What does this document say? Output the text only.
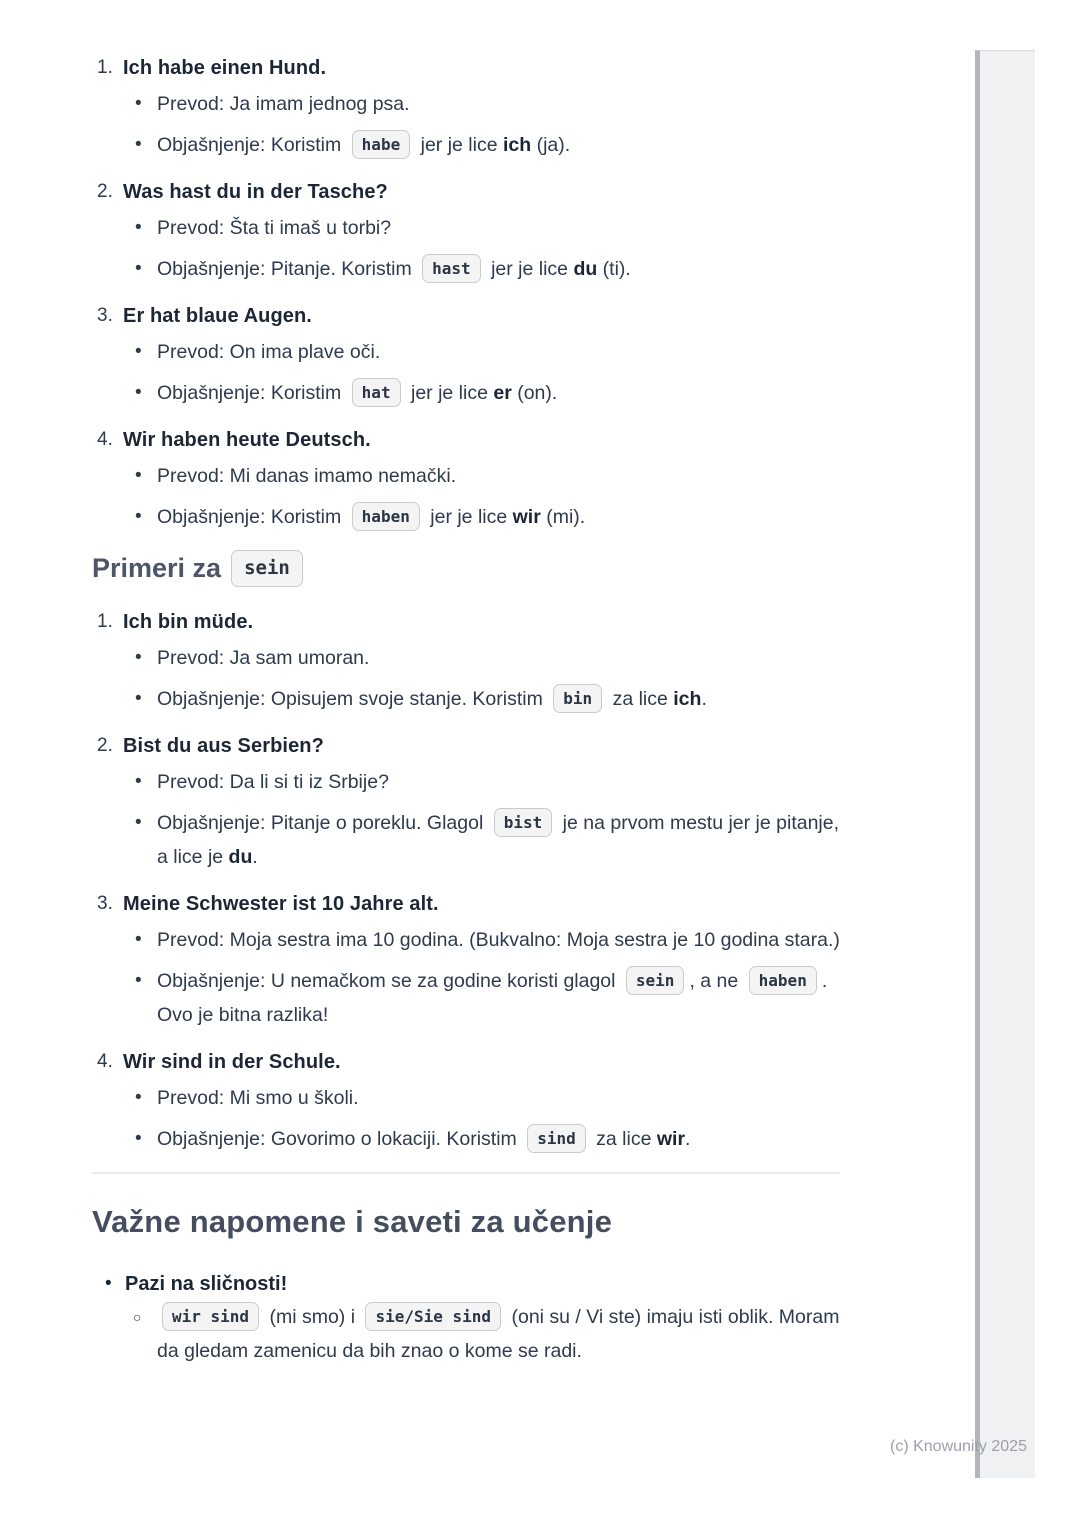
1. Ich habe einen Hund.
• Prevod: Ja imam jednog psa.
• Objašnjenje: Koristim habe jer je lice ich (ja).
2. Was hast du in der Tasche?
• Prevod: Šta ti imaš u torbi?
• Objašnjenje: Pitanje. Koristim hast jer je lice du (ti).
3. Er hat blaue Augen.
• Prevod: On ima plave oči.
• Objašnjenje: Koristim hat jer je lice er (on).
4. Wir haben heute Deutsch.
• Prevod: Mi danas imamo nemački.
• Objašnjenje: Koristim haben jer je lice wir (mi).
Primeri za	sein
1. Ich bin müde.
• Prevod: Ja sam umoran.
• Objašnjenje: Opisujem svoje stanje. Koristim bin za lice ich.
2. Bist du aus Serbien?
• Prevod: Da li si ti iz Srbije?
• Objašnjenje: Pitanje o poreklu. Glagol bist je na prvom mestu jer je pitanje, a lice je du.
3. Meine Schwester ist 10 Jahre alt.
• Prevod: Moja sestra ima 10 godina. (Bukvalno: Moja sestra je 10 godina stara.)
• Objašnjenje: U nemačkom se za godine koristi glagol sein , a ne haben . Ovo je bitna razlika!
4. Wir sind in der Schule.
• Prevod: Mi smo u školi.
• Objašnjenje: Govorimo o lokaciji. Koristim sind za lice wir.
Važne napomene i saveti za učenje
• Pazi na sličnosti!
○	wir sind (mi smo) i sie/Sie sind (oni su / Vi ste) imaju isti oblik. Moram da gledam zamenicu da bih znao o kome se radi.
(c) Knowunity 2025
